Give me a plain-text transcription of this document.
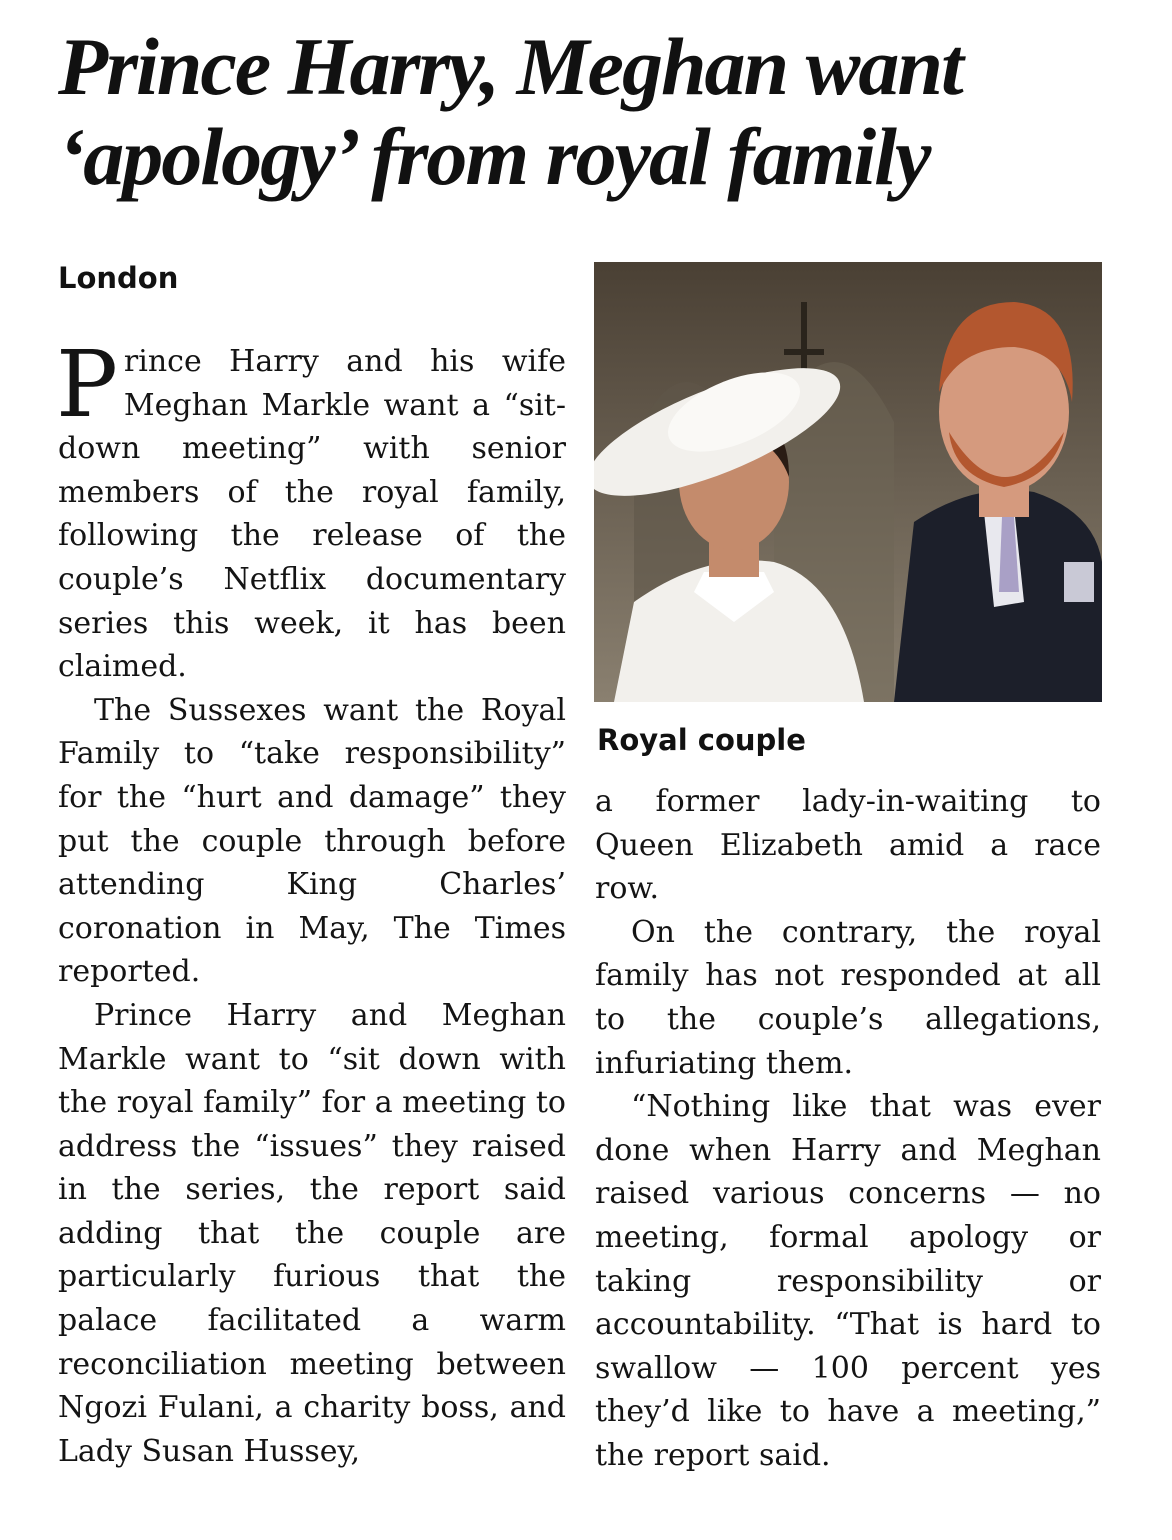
Prince Harry, Meghan want
‘apology’ from royal family
London

Prince Harry and his wife Meghan Markle want a “sit-down meeting” with senior members of the royal family, following the release of the couple’s Netflix documentary series this week, it has been claimed.

The Sussexes want the Royal Family to “take responsibility” for the “hurt and damage” they put the couple through before attending King Charles’ coronation in May, The Times reported.

Prince Harry and Meghan Markle want to “sit down with the royal family” for a meeting to address the “issues” they raised in the series, the report said adding that the couple are particularly furious that the palace facilitated a warm reconciliation meeting between Ngozi Fulani, a charity boss, and Lady Susan Hussey,

Royal couple

a former lady-in-waiting to Queen Elizabeth amid a race row.

On the contrary, the royal family has not responded at all to the couple’s allegations, infuriating them.

“Nothing like that was ever done when Harry and Meghan raised various concerns — no meeting, formal apology or taking responsibility or accountability. “That is hard to swallow — 100 percent yes they’d like to have a meeting,” the report said.
